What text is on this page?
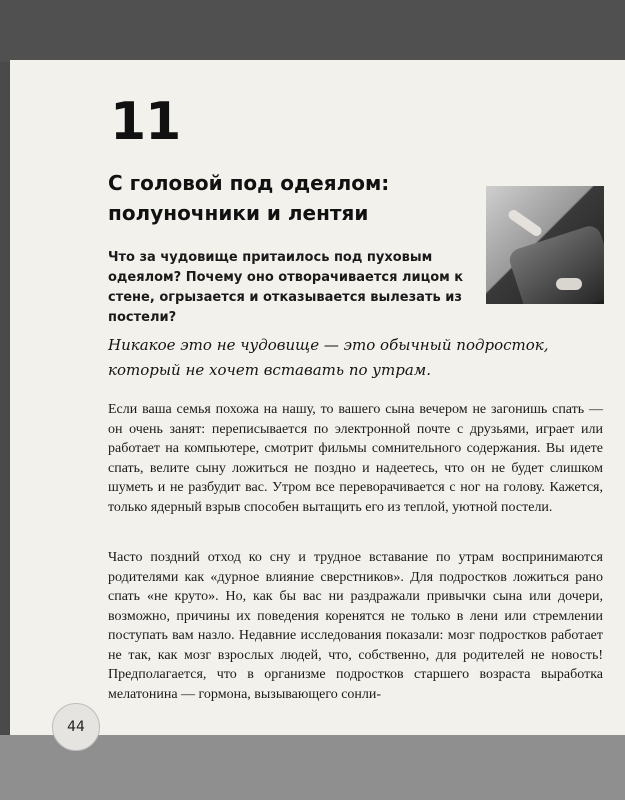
11
С головой под одеялом: полуночники и лентяи
Что за чудовище притаилось под пуховым одеялом? Почему оно отворачивается лицом к стене, огрызается и отказывается вылезать из постели?
Никакое это не чудовище — это обычный подросток, который не хочет вставать по утрам.
Если ваша семья похожа на нашу, то вашего сына вечером не загонишь спать — он очень занят: переписывается по электронной почте с друзьями, играет или работает на компьютере, смотрит фильмы сомнительного содержания. Вы идете спать, велите сыну ложиться не поздно и надеетесь, что он не будет слишком шуметь и не разбудит вас. Утром все переворачивается с ног на голову. Кажется, только ядерный взрыв способен вытащить его из теплой, уютной постели.
Часто поздний отход ко сну и трудное вставание по утрам воспринимаются родителями как «дурное влияние сверстников». Для подростков ложиться рано спать «не круто». Но, как бы вас ни раздражали привычки сына или дочери, возможно, причины их поведения коренятся не только в лени или стремлении поступать вам назло. Недавние исследования показали: мозг подростков работает не так, как мозг взрослых людей, что, собственно, для родителей не новость! Предполагается, что в организме подростков старшего возраста выработка мелатонина — гормона, вызывающего сонли-
44
